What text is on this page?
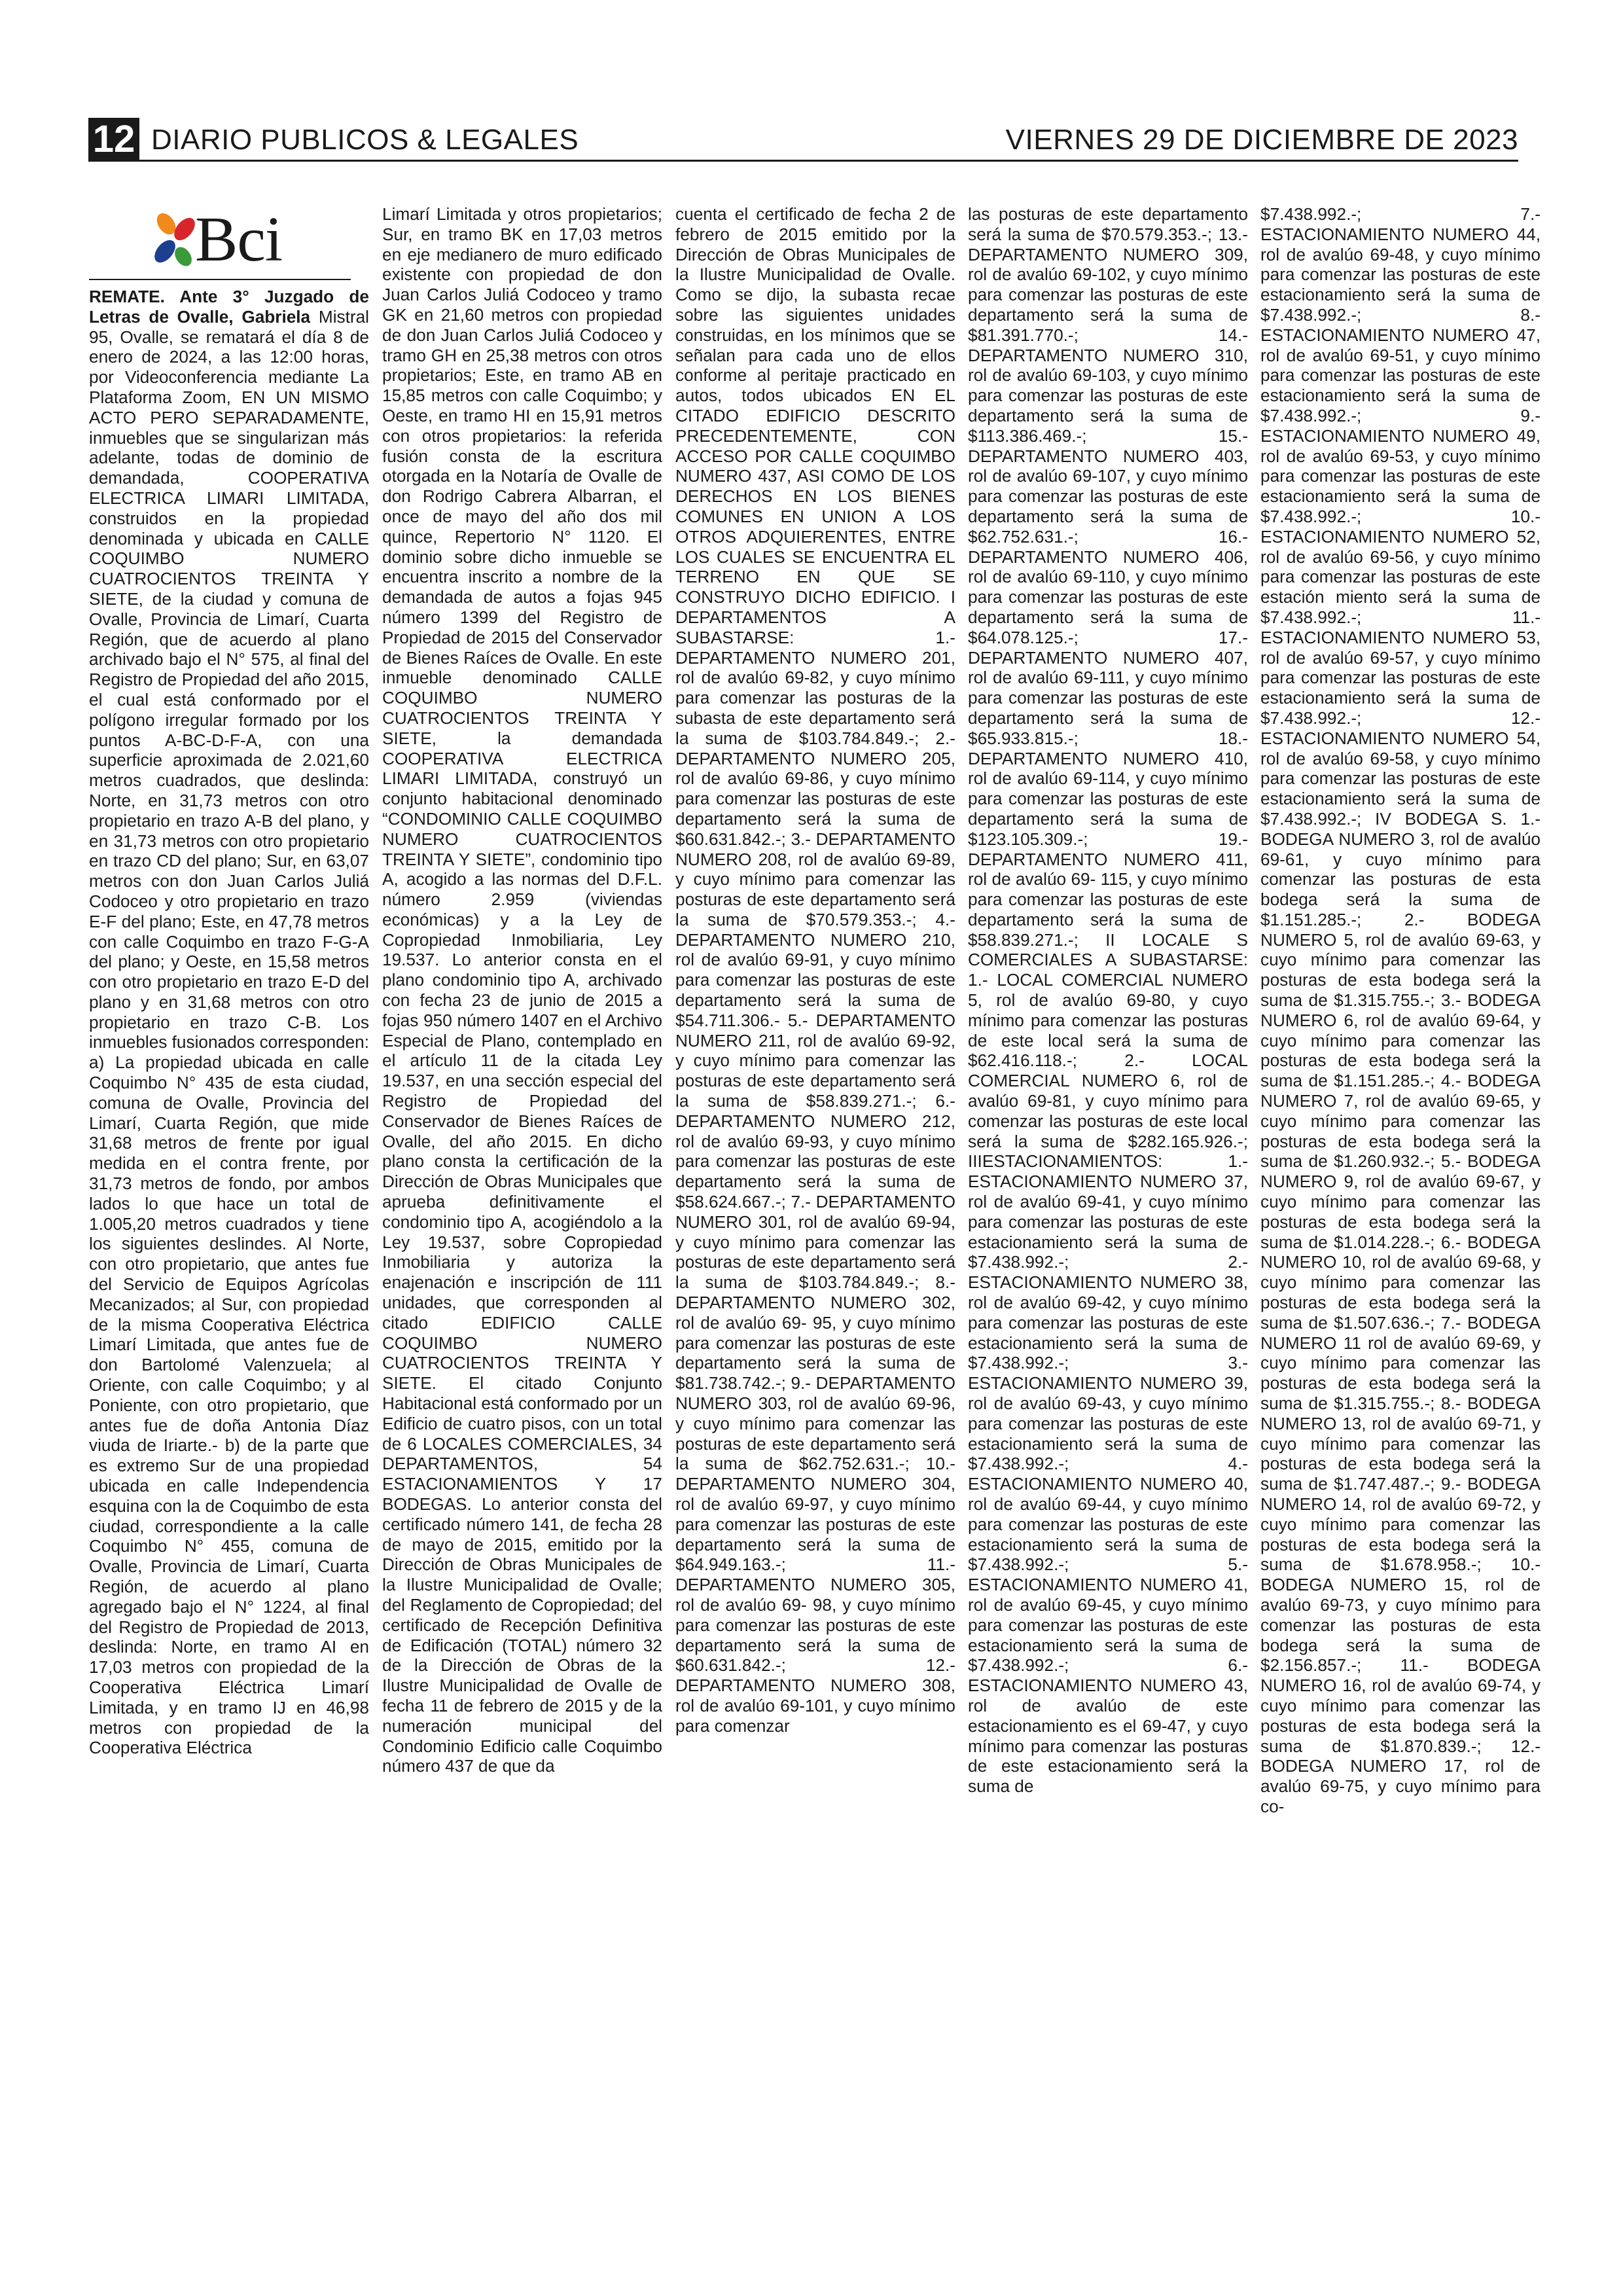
12 DIARIO PUBLICOS & LEGALES	VIERNES 29 DE DICIEMBRE DE 2023
Bci

REMATE. Ante 3° Juzgado de Letras de Ovalle, Gabriela Mistral 95, Ovalle, se rematará el día 8 de enero de 2024, a las 12:00 horas, por Videoconferencia mediante La Plataforma Zoom, EN UN MISMO ACTO PERO SEPARADAMENTE, inmuebles que se singularizan más adelante, todas de dominio de demandada, COOPERATIVA ELECTRICA LIMARI LIMITADA, construidos en la propiedad denominada y ubicada en CALLE COQUIMBO NUMERO CUATROCIENTOS TREINTA Y SIETE, de la ciudad y comuna de Ovalle, Provincia de Limarí, Cuarta Región, que de acuerdo al plano archivado bajo el N° 575, al final del Registro de Propiedad del año 2015, el cual está conformado por el polígono irregular formado por los puntos A-BC-D-F-A, con una superficie aproximada de 2.021,60 metros cuadrados, que deslinda: Norte, en 31,73 metros con otro propietario en trazo A-B del plano, y en 31,73 metros con otro propietario en trazo CD del plano; Sur, en 63,07 metros con don Juan Carlos Juliá Codoceo y otro propietario en trazo E-F del plano; Este, en 47,78 metros con calle Coquimbo en trazo F-G-A del plano; y Oeste, en 15,58 metros con otro propietario en trazo E-D del plano y en 31,68 metros con otro propietario en trazo C-B. Los inmuebles fusionados corresponden: a) La propiedad ubicada en calle Coquimbo N° 435 de esta ciudad, comuna de Ovalle, Provincia del Limarí, Cuarta Región, que mide 31,68 metros de frente por igual medida en el contra frente, por 31,73 metros de fondo, por ambos lados lo que hace un total de 1.005,20 metros cuadrados y tiene los siguientes deslindes. Al Norte, con otro propietario, que antes fue del Servicio de Equipos Agrícolas Mecanizados; al Sur, con propiedad de la misma Cooperativa Eléctrica Limarí Limitada, que antes fue de don Bartolomé Valenzuela; al Oriente, con calle Coquimbo; y al Poniente, con otro propietario, que antes fue de doña Antonia Díaz viuda de Iriarte.- b) de la parte que es extremo Sur de una propiedad ubicada en calle Independencia esquina con la de Coquimbo de esta ciudad, correspondiente a la calle Coquimbo N° 455, comuna de Ovalle, Provincia de Limarí, Cuarta Región, de acuerdo al plano agregado bajo el N° 1224, al final del Registro de Propiedad de 2013, deslinda: Norte, en tramo AI en 17,03 metros con propiedad de la Cooperativa Eléctrica Limarí Limitada, y en tramo IJ en 46,98 metros con propiedad de la Cooperativa Eléctrica

Limarí Limitada y otros propietarios; Sur, en tramo BK en 17,03 metros en eje medianero de muro edificado existente con propiedad de don Juan Carlos Juliá Codoceo y tramo GK en 21,60 metros con propiedad de don Juan Carlos Juliá Codoceo y tramo GH en 25,38 metros con otros propietarios; Este, en tramo AB en 15,85 metros con calle Coquimbo; y Oeste, en tramo HI en 15,91 metros con otros propietarios: la referida fusión consta de la escritura otorgada en la Notaría de Ovalle de don Rodrigo Cabrera Albarran, el once de mayo del año dos mil quince, Repertorio N° 1120. El dominio sobre dicho inmueble se encuentra inscrito a nombre de la demandada de autos a fojas 945 número 1399 del Registro de Propiedad de 2015 del Conservador de Bienes Raíces de Ovalle. En este inmueble denominado CALLE COQUIMBO NUMERO CUATROCIENTOS TREINTA Y SIETE, la demandada COOPERATIVA ELECTRICA LIMARI LIMITADA, construyó un conjunto habitacional denominado “CONDOMINIO CALLE COQUIMBO NUMERO CUATROCIENTOS TREINTA Y SIETE”, condominio tipo A, acogido a las normas del D.F.L. número 2.959 (viviendas económicas) y a la Ley de Copropiedad Inmobiliaria, Ley 19.537. Lo anterior consta en el plano condominio tipo A, archivado con fecha 23 de junio de 2015 a fojas 950 número 1407 en el Archivo Especial de Plano, contemplado en el artículo 11 de la citada Ley 19.537, en una sección especial del Registro de Propiedad del Conservador de Bienes Raíces de Ovalle, del año 2015. En dicho plano consta la certificación de la Dirección de Obras Municipales que aprueba definitivamente el condominio tipo A, acogiéndolo a la Ley 19.537, sobre Copropiedad Inmobiliaria y autoriza la enajenación e inscripción de 111 unidades, que corresponden al citado EDIFICIO CALLE COQUIMBO NUMERO CUATROCIENTOS TREINTA Y SIETE. El citado Conjunto Habitacional está conformado por un Edificio de cuatro pisos, con un total de 6 LOCALES COMERCIALES, 34 DEPARTAMENTOS, 54 ESTACIONAMIENTOS Y 17 BODEGAS. Lo anterior consta del certificado número 141, de fecha 28 de mayo de 2015, emitido por la Dirección de Obras Municipales de la Ilustre Municipalidad de Ovalle; del Reglamento de Copropiedad; del certificado de Recepción Definitiva de Edificación (TOTAL) número 32 de la Dirección de Obras de la Ilustre Municipalidad de Ovalle de fecha 11 de febrero de 2015 y de la numeración municipal del Condominio Edificio calle Coquimbo número 437 de que da

cuenta el certificado de fecha 2 de febrero de 2015 emitido por la Dirección de Obras Municipales de la Ilustre Municipalidad de Ovalle. Como se dijo, la subasta recae sobre las siguientes unidades construidas, en los mínimos que se señalan para cada uno de ellos conforme al peritaje practicado en autos, todos ubicados EN EL CITADO EDIFICIO DESCRITO PRECEDENTEMENTE, CON ACCESO POR CALLE COQUIMBO NUMERO 437, ASI COMO DE LOS DERECHOS EN LOS BIENES COMUNES EN UNION A LOS OTROS ADQUIERENTES, ENTRE LOS CUALES SE ENCUENTRA EL TERRENO EN QUE SE CONSTRUYO DICHO EDIFICIO. I DEPARTAMENTOS A SUBASTARSE: 1.- DEPARTAMENTO NUMERO 201, rol de avalúo 69-82, y cuyo mínimo para comenzar las posturas de la subasta de este departamento será la suma de $103.784.849.-; 2.- DEPARTAMENTO NUMERO 205, rol de avalúo 69-86, y cuyo mínimo para comenzar las posturas de este departamento será la suma de $60.631.842.-; 3.- DEPARTAMENTO NUMERO 208, rol de avalúo 69-89, y cuyo mínimo para comenzar las posturas de este departamento será la suma de $70.579.353.-; 4.- DEPARTAMENTO NUMERO 210, rol de avalúo 69-91, y cuyo mínimo para comenzar las posturas de este departamento será la suma de $54.711.306.- 5.- DEPARTAMENTO NUMERO 211, rol de avalúo 69-92, y cuyo mínimo para comenzar las posturas de este departamento será la suma de $58.839.271.-; 6.- DEPARTAMENTO NUMERO 212, rol de avalúo 69-93, y cuyo mínimo para comenzar las posturas de este departamento será la suma de $58.624.667.-; 7.- DEPARTAMENTO NUMERO 301, rol de avalúo 69-94, y cuyo mínimo para comenzar las posturas de este departamento será la suma de $103.784.849.-; 8.- DEPARTAMENTO NUMERO 302, rol de avalúo 69- 95, y cuyo mínimo para comenzar las posturas de este departamento será la suma de $81.738.742.-; 9.- DEPARTAMENTO NUMERO 303, rol de avalúo 69-96, y cuyo mínimo para comenzar las posturas de este departamento será la suma de $62.752.631.-; 10.- DEPARTAMENTO NUMERO 304, rol de avalúo 69-97, y cuyo mínimo para comenzar las posturas de este departamento será la suma de $64.949.163.-; 11.- DEPARTAMENTO NUMERO 305, rol de avalúo 69- 98, y cuyo mínimo para comenzar las posturas de este departamento será la suma de $60.631.842.-; 12.- DEPARTAMENTO NUMERO 308, rol de avalúo 69-101, y cuyo mínimo para comenzar

las posturas de este departamento será la suma de $70.579.353.-; 13.- DEPARTAMENTO NUMERO 309, rol de avalúo 69-102, y cuyo mínimo para comenzar las posturas de este departamento será la suma de $81.391.770.-; 14.- DEPARTAMENTO NUMERO 310, rol de avalúo 69-103, y cuyo mínimo para comenzar las posturas de este departamento será la suma de $113.386.469.-; 15.- DEPARTAMENTO NUMERO 403, rol de avalúo 69-107, y cuyo mínimo para comenzar las posturas de este departamento será la suma de $62.752.631.-; 16.- DEPARTAMENTO NUMERO 406, rol de avalúo 69-110, y cuyo mínimo para comenzar las posturas de este departamento será la suma de $64.078.125.-; 17.- DEPARTAMENTO NUMERO 407, rol de avalúo 69-111, y cuyo mínimo para comenzar las posturas de este departamento será la suma de $65.933.815.-; 18.- DEPARTAMENTO NUMERO 410, rol de avalúo 69-114, y cuyo mínimo para comenzar las posturas de este departamento será la suma de $123.105.309.-; 19.- DEPARTAMENTO NUMERO 411, rol de avalúo 69- 115, y cuyo mínimo para comenzar las posturas de este departamento será la suma de $58.839.271.-; II LOCALE S COMERCIALES A SUBASTARSE: 1.- LOCAL COMERCIAL NUMERO 5, rol de avalúo 69-80, y cuyo mínimo para comenzar las posturas de este local será la suma de $62.416.118.-; 2.- LOCAL COMERCIAL NUMERO 6, rol de avalúo 69-81, y cuyo mínimo para comenzar las posturas de este local será la suma de $282.165.926.-; IIIESTACIONAMIENTOS: 1.- ESTACIONAMIENTO NUMERO 37, rol de avalúo 69-41, y cuyo mínimo para comenzar las posturas de este estacionamiento será la suma de $7.438.992.-; 2.- ESTACIONAMIENTO NUMERO 38, rol de avalúo 69-42, y cuyo mínimo para comenzar las posturas de este estacionamiento será la suma de $7.438.992.-; 3.- ESTACIONAMIENTO NUMERO 39, rol de avalúo 69-43, y cuyo mínimo para comenzar las posturas de este estacionamiento será la suma de $7.438.992.-; 4.- ESTACIONAMIENTO NUMERO 40, rol de avalúo 69-44, y cuyo mínimo para comenzar las posturas de este estacionamiento será la suma de $7.438.992.-; 5.- ESTACIONAMIENTO NUMERO 41, rol de avalúo 69-45, y cuyo mínimo para comenzar las posturas de este estacionamiento será la suma de $7.438.992.-; 6.- ESTACIONAMIENTO NUMERO 43, rol de avalúo de este estacionamiento es el 69-47, y cuyo mínimo para comenzar las posturas de este estacionamiento será la suma de

$7.438.992.-; 7.- ESTACIONAMIENTO NUMERO 44, rol de avalúo 69-48, y cuyo mínimo para comenzar las posturas de este estacionamiento será la suma de $7.438.992.-; 8.- ESTACIONAMIENTO NUMERO 47, rol de avalúo 69-51, y cuyo mínimo para comenzar las posturas de este estacionamiento será la suma de $7.438.992.-; 9.- ESTACIONAMIENTO NUMERO 49, rol de avalúo 69-53, y cuyo mínimo para comenzar las posturas de este estacionamiento será la suma de $7.438.992.-; 10.- ESTACIONAMIENTO NUMERO 52, rol de avalúo 69-56, y cuyo mínimo para comenzar las posturas de este estación miento será la suma de $7.438.992.-; 11.- ESTACIONAMIENTO NUMERO 53, rol de avalúo 69-57, y cuyo mínimo para comenzar las posturas de este estacionamiento será la suma de $7.438.992.-; 12.- ESTACIONAMIENTO NUMERO 54, rol de avalúo 69-58, y cuyo mínimo para comenzar las posturas de este estacionamiento será la suma de $7.438.992.-; IV BODEGA S. 1.- BODEGA NUMERO 3, rol de avalúo 69-61, y cuyo mínimo para comenzar las posturas de esta bodega será la suma de $1.151.285.-; 2.- BODEGA NUMERO 5, rol de avalúo 69-63, y cuyo mínimo para comenzar las posturas de esta bodega será la suma de $1.315.755.-; 3.- BODEGA NUMERO 6, rol de avalúo 69-64, y cuyo mínimo para comenzar las posturas de esta bodega será la suma de $1.151.285.-; 4.- BODEGA NUMERO 7, rol de avalúo 69-65, y cuyo mínimo para comenzar las posturas de esta bodega será la suma de $1.260.932.-; 5.- BODEGA NUMERO 9, rol de avalúo 69-67, y cuyo mínimo para comenzar las posturas de esta bodega será la suma de $1.014.228.-; 6.- BODEGA NUMERO 10, rol de avalúo 69-68, y cuyo mínimo para comenzar las posturas de esta bodega será la suma de $1.507.636.-; 7.- BODEGA NUMERO 11 rol de avalúo 69-69, y cuyo mínimo para comenzar las posturas de esta bodega será la suma de $1.315.755.-; 8.- BODEGA NUMERO 13, rol de avalúo 69-71, y cuyo mínimo para comenzar las posturas de esta bodega será la suma de $1.747.487.-; 9.- BODEGA NUMERO 14, rol de avalúo 69-72, y cuyo mínimo para comenzar las posturas de esta bodega será la suma de $1.678.958.-; 10.- BODEGA NUMERO 15, rol de avalúo 69-73, y cuyo mínimo para comenzar las posturas de esta bodega será la suma de $2.156.857.-; 11.- BODEGA NUMERO 16, rol de avalúo 69-74, y cuyo mínimo para comenzar las posturas de esta bodega será la suma de $1.870.839.-; 12.- BODEGA NUMERO 17, rol de avalúo 69-75, y cuyo mínimo para co-
